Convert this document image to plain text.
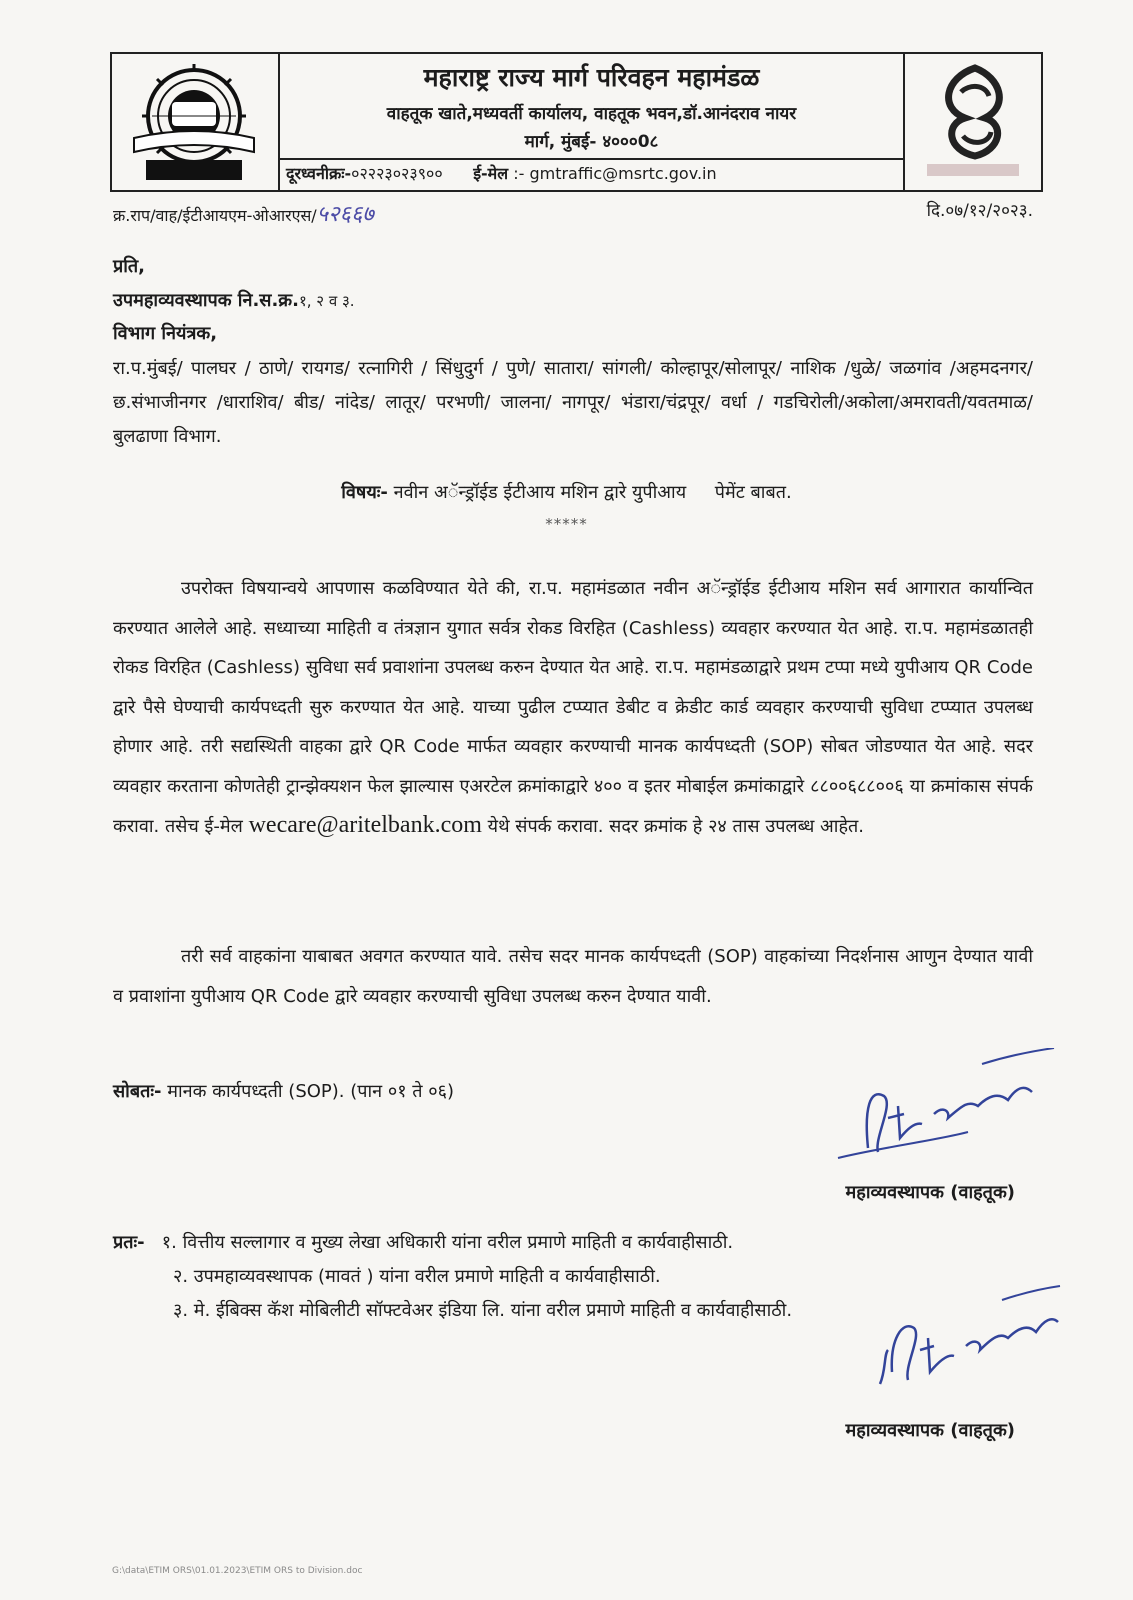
महाराष्ट्र राज्य मार्ग परिवहन महामंडळ
वाहतूक खाते,मध्यवर्ती कार्यालय, वाहतूक भवन,डॉ.आनंदराव नायर
मार्ग, मुंबई- ४०००0८
दूरध्वनीक्रः-०२२२३०२३९०० ई-मेल :- gmtraffic@msrtc.gov.in
क्र.राप/वाह/ईटीआयएम-ओआरएस/५२६६७	दि.०७/१२/२०२३.
प्रति,
उपमहाव्यवस्थापक नि.स.क्र.१, २ व ३.
विभाग नियंत्रक,
रा.प.मुंबई/ पालघर / ठाणे/ रायगड/ रत्नागिरी / सिंधुदुर्ग / पुणे/ सातारा/ सांगली/ कोल्हापूर/सोलापूर/ नाशिक /धुळे/ जळगांव /अहमदनगर/छ.संभाजीनगर /धाराशिव/ बीड/ नांदेड/ लातूर/ परभणी/ जालना/ नागपूर/ भंडारा/चंद्रपूर/ वर्धा / गडचिरोली/अकोला/अमरावती/यवतमाळ/ बुलढाणा विभाग.
विषयः- नवीन अॅन्ड्रॉईड ईटीआय मशिन द्वारे युपीआय पेमेंट बाबत.
*****
उपरोक्त विषयान्वये आपणास कळविण्यात येते की, रा.प. महामंडळात नवीन अॅन्ड्रॉईड ईटीआय मशिन सर्व आगारात कार्यान्वित करण्यात आलेले आहे. सध्याच्या माहिती व तंत्रज्ञान युगात सर्वत्र रोकड विरहित (Cashless) व्यवहार करण्यात येत आहे. रा.प. महामंडळातही रोकड विरहित (Cashless) सुविधा सर्व प्रवाशांना उपलब्ध करुन देण्यात येत आहे. रा.प. महामंडळाद्वारे प्रथम टप्पा मध्ये युपीआय QR Code द्वारे पैसे घेण्याची कार्यपध्दती सुरु करण्यात येत आहे. याच्या पुढील टप्प्यात डेबीट व क्रेडीट कार्ड व्यवहार करण्याची सुविधा टप्प्यात उपलब्ध होणार आहे. तरी सद्यस्थिती वाहका द्वारे QR Code मार्फत व्यवहार करण्याची मानक कार्यपध्दती (SOP) सोबत जोडण्यात येत आहे. सदर व्यवहार करताना कोणतेही ट्रान्झेक्यशन फेल झाल्यास एअरटेल क्रमांकाद्वारे ४०० व इतर मोबाईल क्रमांकाद्वारे ८८००६८८००६ या क्रमांकास संपर्क करावा. तसेच ई-मेल wecare@aritelbank.com येथे संपर्क करावा. सदर क्रमांक हे २४ तास उपलब्ध आहेत.
तरी सर्व वाहकांना याबाबत अवगत करण्यात यावे. तसेच सदर मानक कार्यपध्दती (SOP) वाहकांच्या निदर्शनास आणुन देण्यात यावी व प्रवाशांना युपीआय QR Code द्वारे व्यवहार करण्याची सुविधा उपलब्ध करुन देण्यात यावी.
सोबतः- मानक कार्यपध्दती (SOP). (पान ०१ ते ०६)
महाव्यवस्थापक (वाहतूक)
प्रतः- १. वित्तीय सल्लागार व मुख्य लेखा अधिकारी यांना वरील प्रमाणे माहिती व कार्यवाहीसाठी.
२. उपमहाव्यवस्थापक (मावतं ) यांना वरील प्रमाणे माहिती व कार्यवाहीसाठी.
३. मे. ईबिक्स कॅश मोबिलीटी सॉफ्टवेअर इंडिया लि. यांना वरील प्रमाणे माहिती व कार्यवाहीसाठी.
महाव्यवस्थापक (वाहतूक)
G:\data\ETIM ORS\01.01.2023\ETIM ORS to Division.doc
